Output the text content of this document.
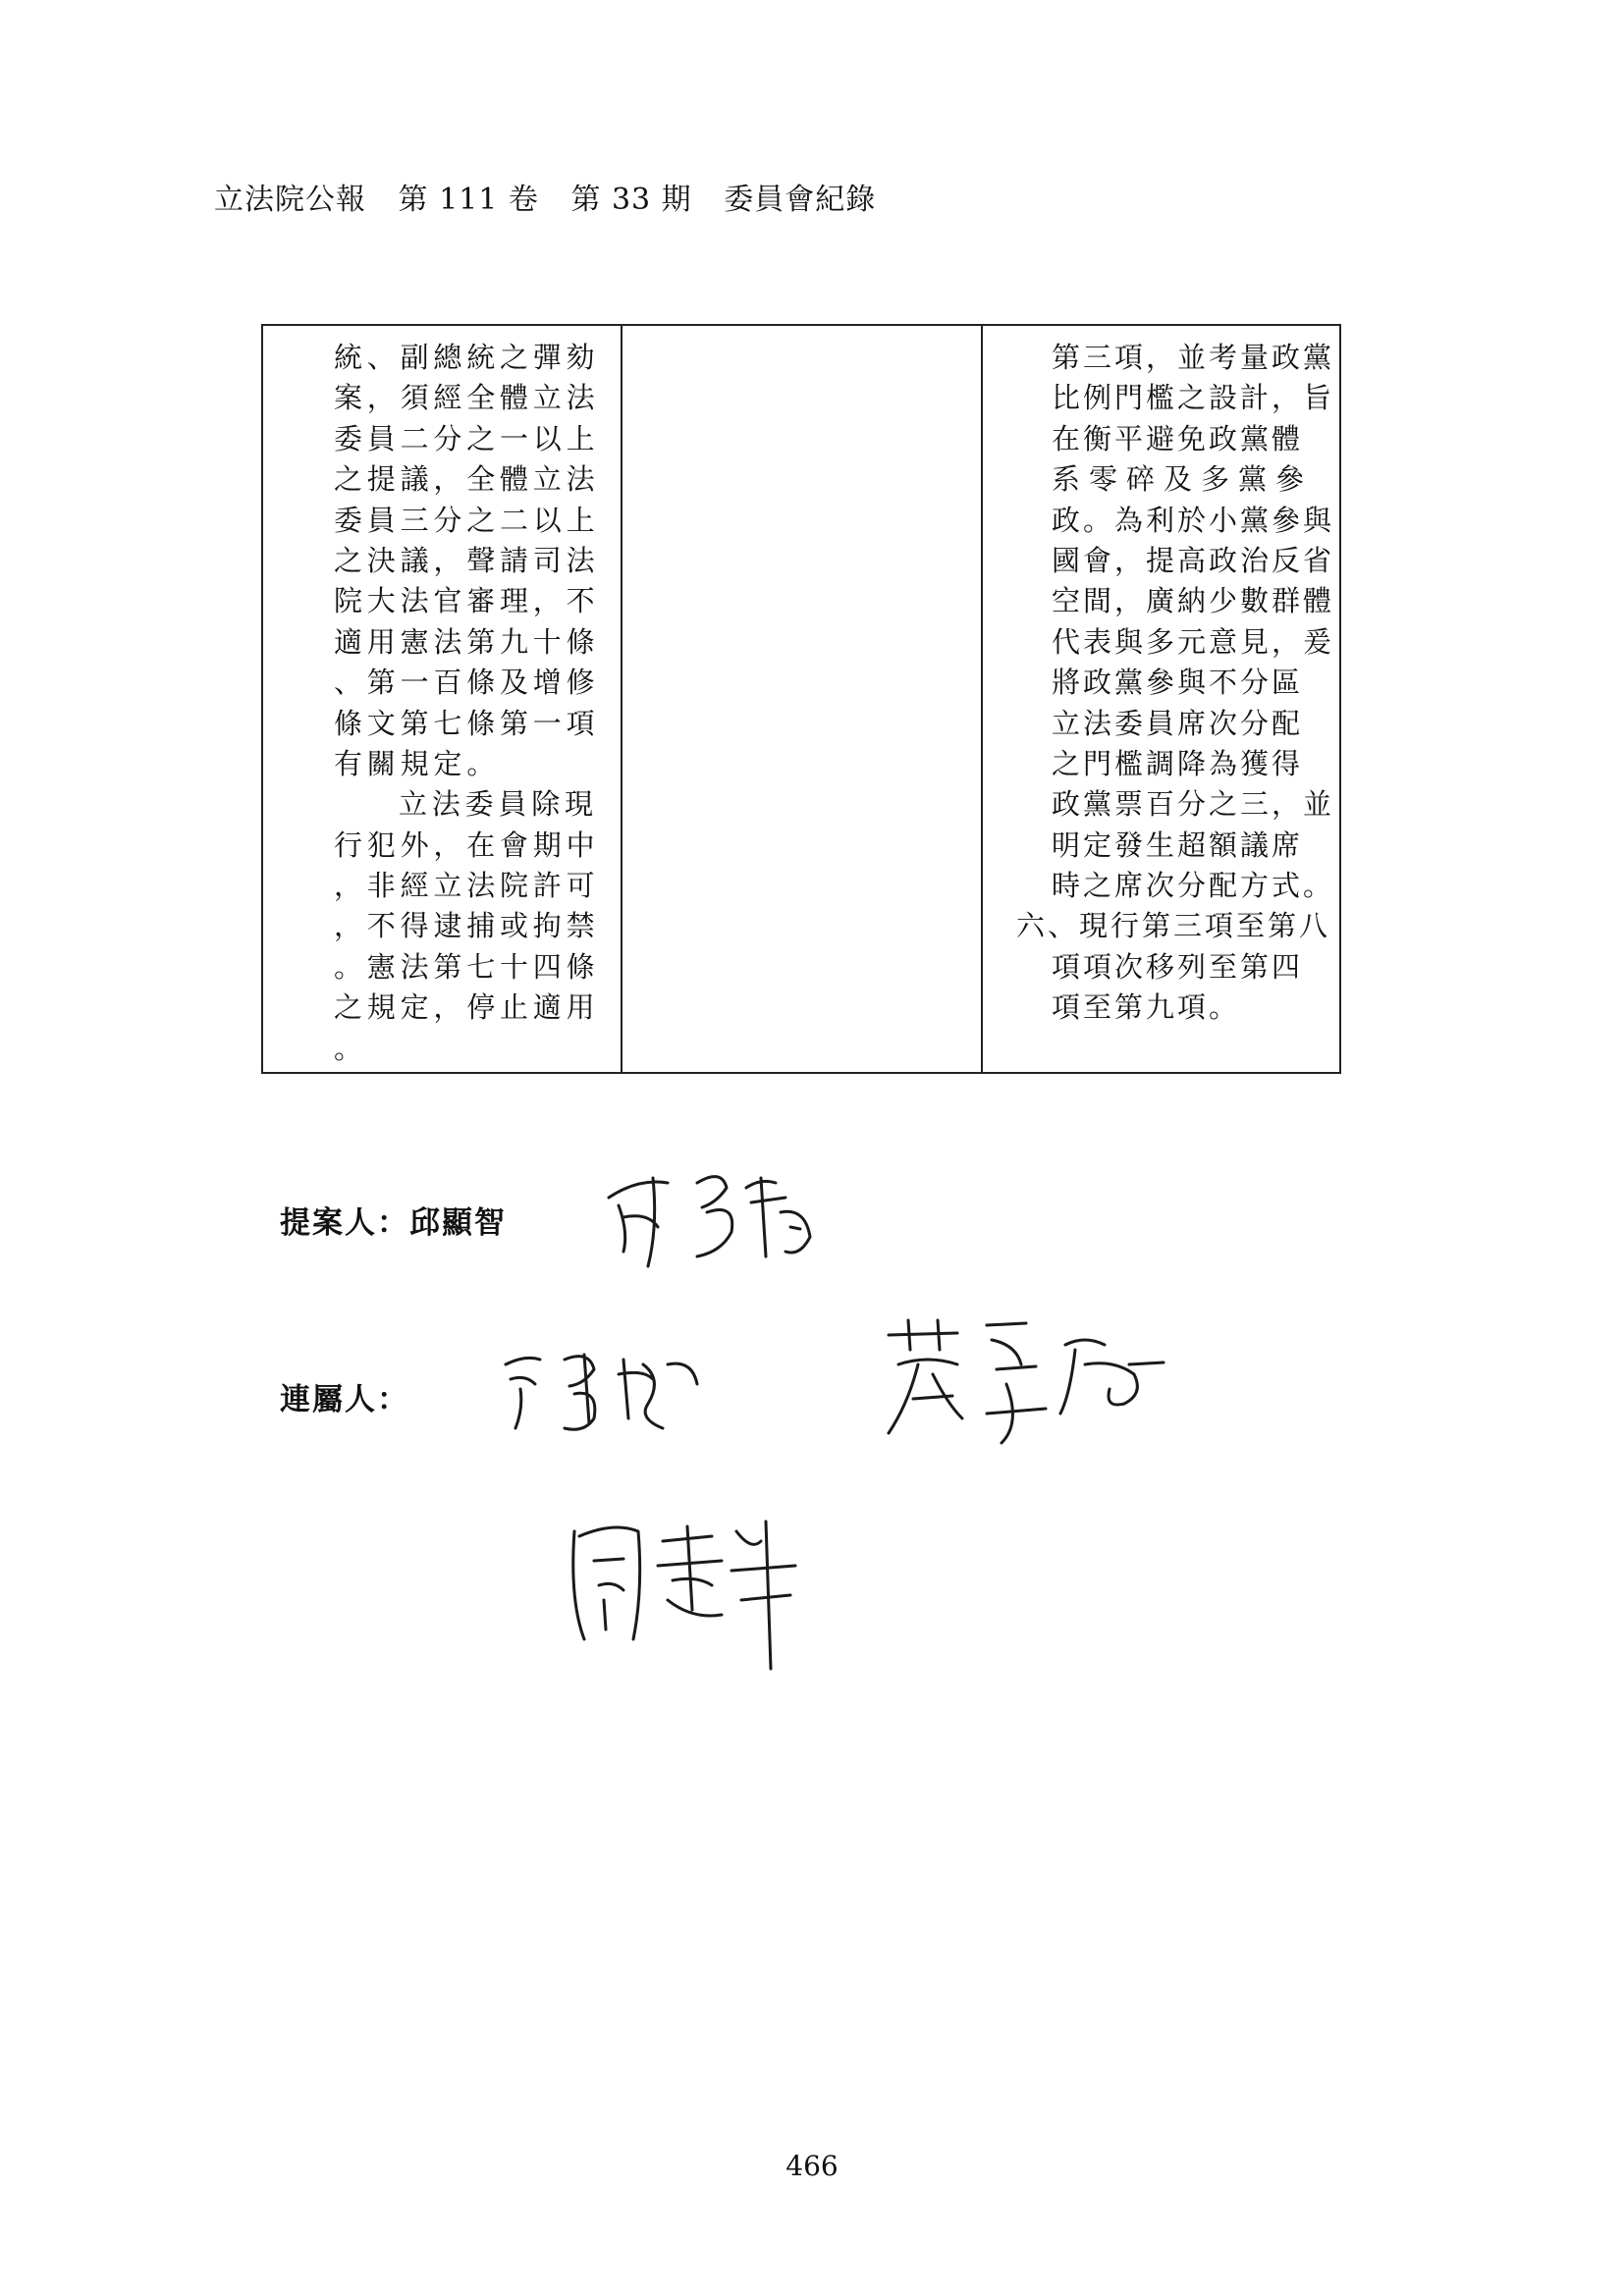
立法院公報 第 111 卷 第 33 期 委員會紀錄
統、副總統之彈劾
案，須經全體立法
委員二分之一以上
之提議，全體立法
委員三分之二以上
之決議，聲請司法
院大法官審理，不
適用憲法第九十條
、第一百條及增修
條文第七條第一項
有關規定。
立法委員除現
行犯外，在會期中
，非經立法院許可
，不得逮捕或拘禁
。憲法第七十四條
之規定，停止適用
。
第三項，並考量政黨
比例門檻之設計，旨
在衡平避免政黨體
系零碎及多黨參
政。為利於小黨參與
國會，提高政治反省
空間，廣納少數群體
代表與多元意見，爰
將政黨參與不分區
立法委員席次分配
之門檻調降為獲得
政黨票百分之三，並
明定發生超額議席
時之席次分配方式。
六、現行第三項至第八
項項次移列至第四
項至第九項。
提案人：邱顯智
連屬人：
466
